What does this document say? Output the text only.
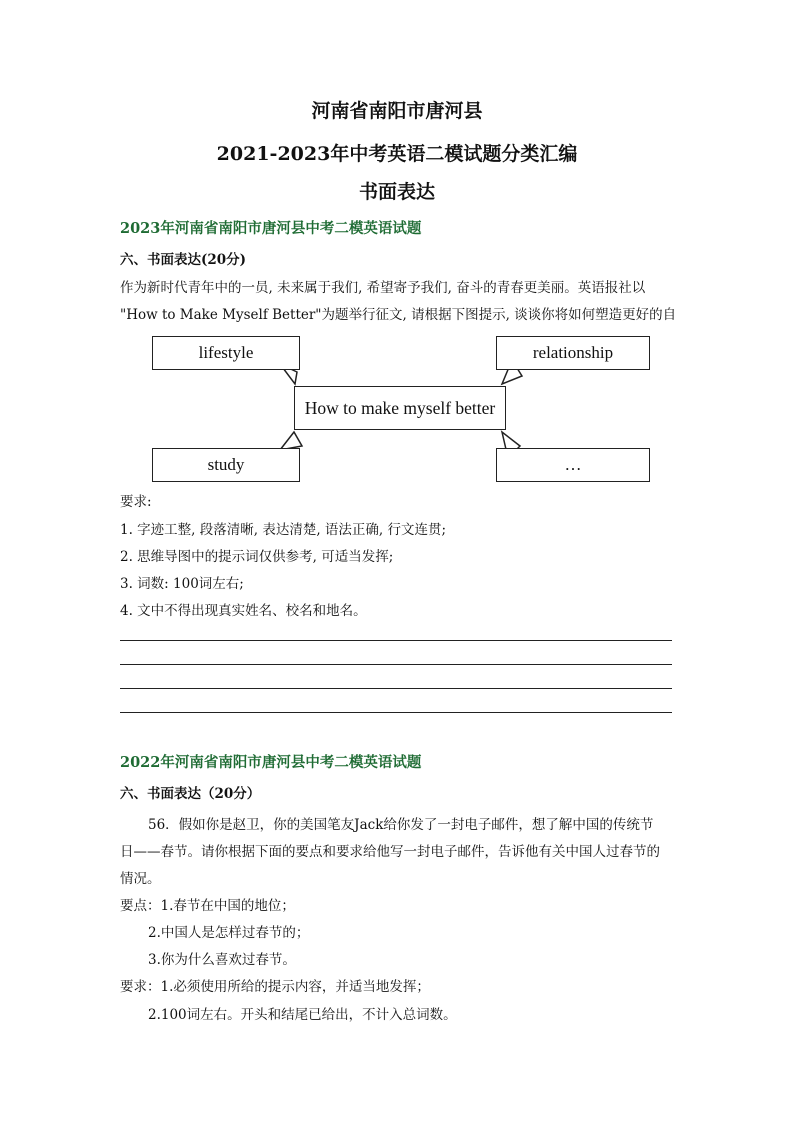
河南省南阳市唐河县
2021-2023年中考英语二模试题分类汇编
书面表达
2023年河南省南阳市唐河县中考二模英语试题
六、书面表达(20分)
作为新时代青年中的一员, 未来属于我们, 希望寄予我们, 奋斗的青春更美丽。英语报社以
"How to Make Myself Better"为题举行征文, 请根据下图提示, 谈谈你将如何塑造更好的自
lifestyle	relationship
How to make myself better
study	…
要求:
1. 字迹工整, 段落清晰, 表达清楚, 语法正确, 行文连贯;
2. 思维导图中的提示词仅供参考, 可适当发挥;
3. 词数: 100词左右;
4. 文中不得出现真实姓名、校名和地名。
2022年河南省南阳市唐河县中考二模英语试题
六、书面表达（20分）
56．假如你是赵卫，你的美国笔友Jack给你发了一封电子邮件，想了解中国的传统节
日——春节。请你根据下面的要点和要求给他写一封电子邮件，告诉他有关中国人过春节的
情况。
要点：1.春节在中国的地位；
2.中国人是怎样过春节的；
3.你为什么喜欢过春节。
要求：1.必须使用所给的提示内容，并适当地发挥；
2.100词左右。开头和结尾已给出，不计入总词数。
